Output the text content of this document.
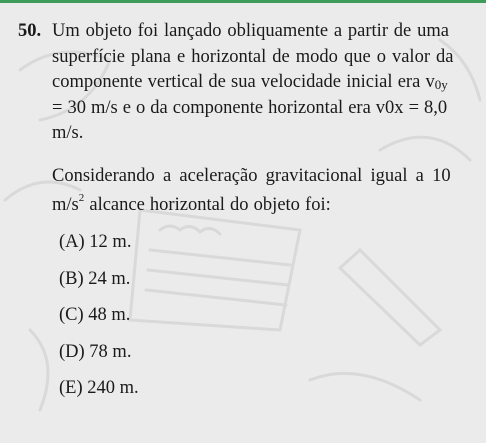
50. Um objeto foi lançado obliquamente a partir de uma
superfície plana e horizontal de modo que o valor da
componente vertical de sua velocidade inicial era $v_{0y}$
= 30 m/s e o da componente horizontal era v0x = 8,0
m/s.
Considerando a aceleração gravitacional igual a 10
$m/s^2$ alcance horizontal do objeto foi:
(A) 12 m.
(B) 24 m.
(C) 48 m.
(D) 78 m.
(E) 240 m.
